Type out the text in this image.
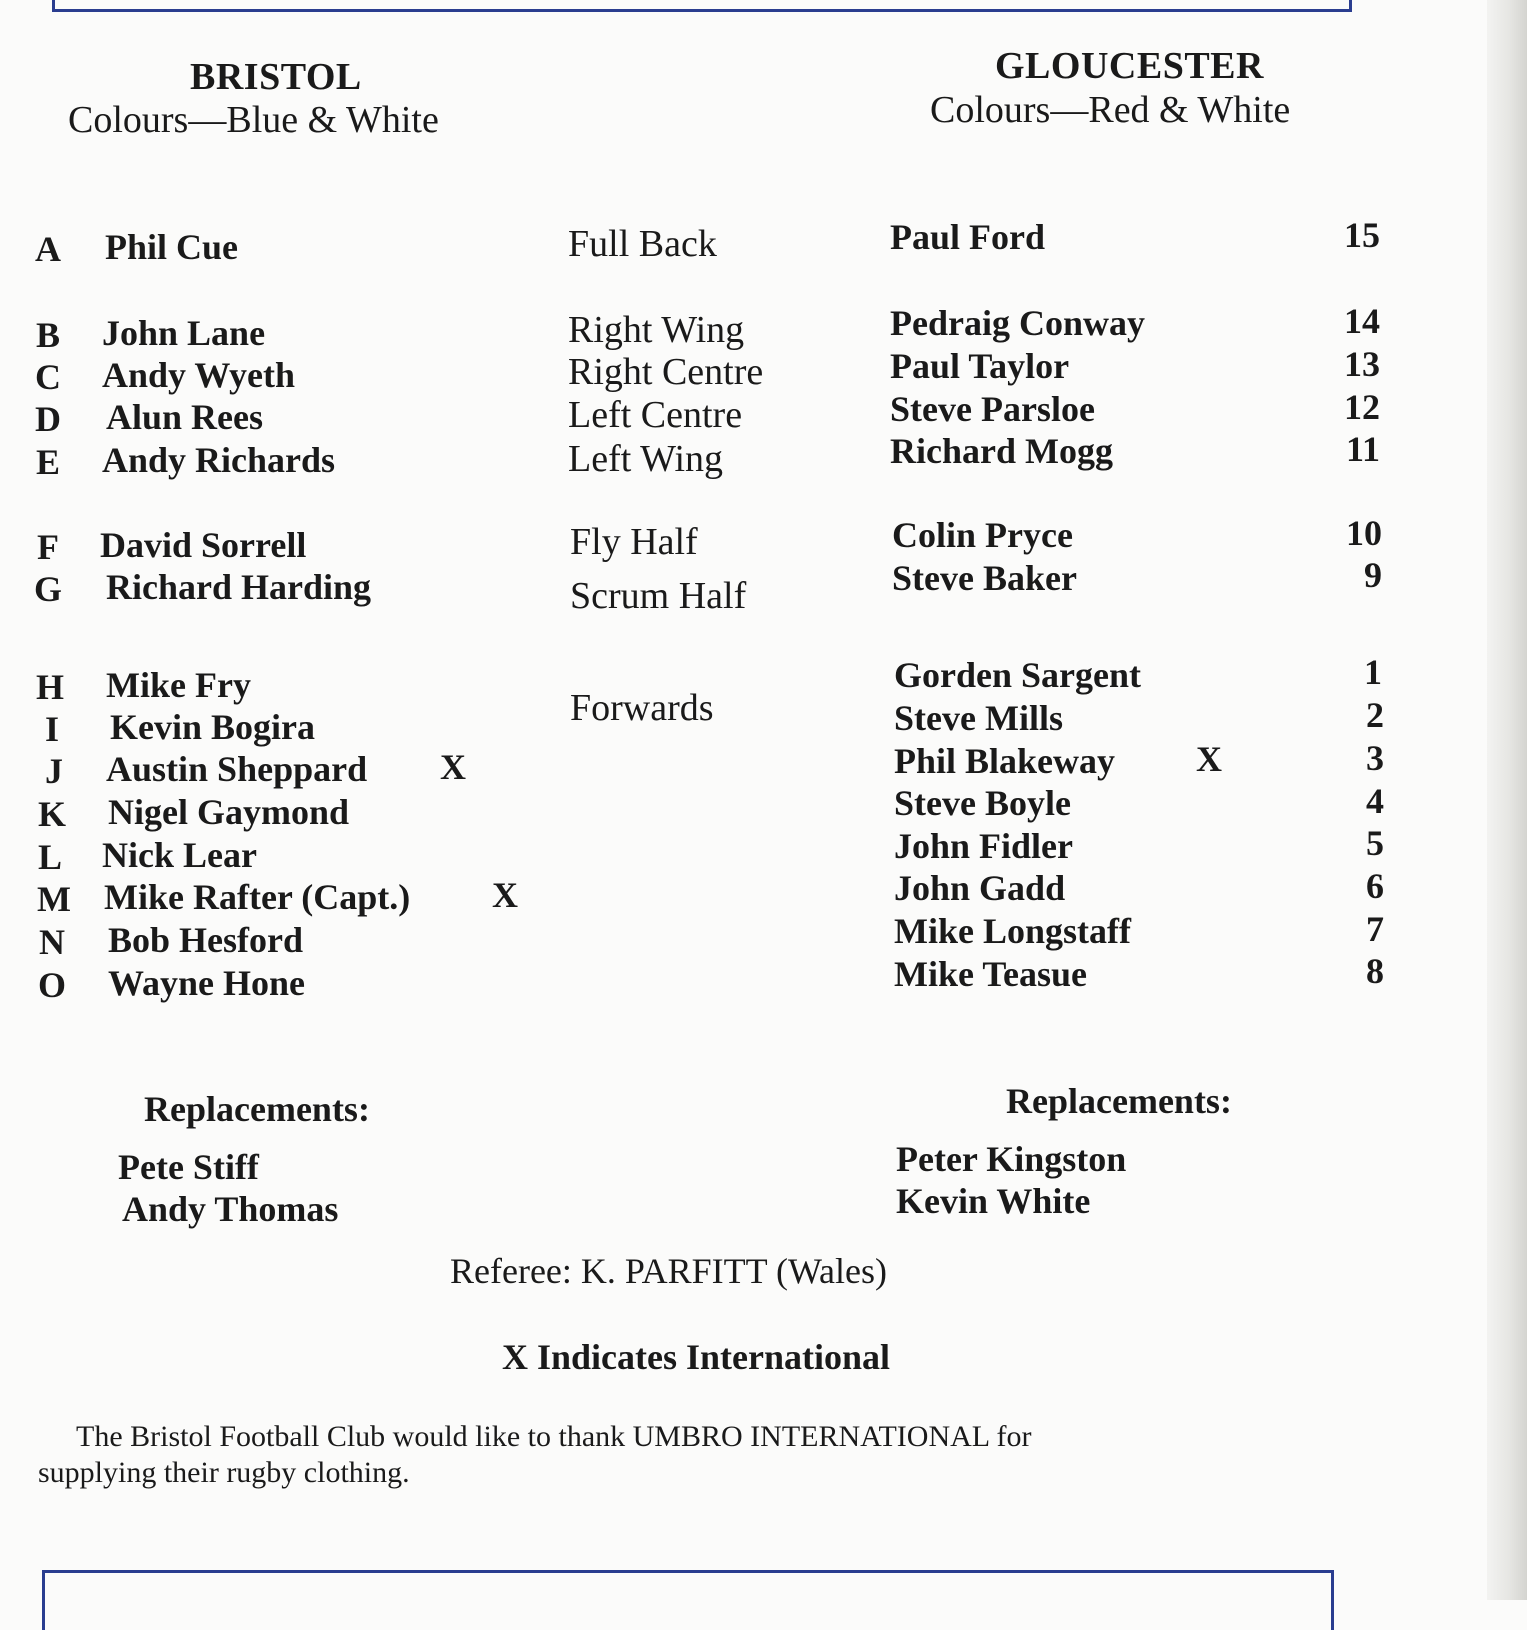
BRISTOL
Colours—Blue & White
GLOUCESTER
Colours—Red & White
A
B
C
D
E
F
G
H
I
J
K
L
M
N
O
Phil Cue
John Lane
Andy Wyeth
Alun Rees
Andy Richards
David Sorrell
Richard Harding
Mike Fry
Kevin Bogira
Austin Sheppard X
Nigel Gaymond
Nick Lear
Mike Rafter (Capt.) X
Bob Hesford
Wayne Hone
Full Back
Right Wing
Right Centre
Left Centre
Left Wing
Fly Half
Scrum Half
Forwards
Paul Ford
Pedraig Conway
Paul Taylor
Steve Parsloe
Richard Mogg
Colin Pryce
Steve Baker
Gorden Sargent
Steve Mills
Phil Blakeway X
Steve Boyle
John Fidler
John Gadd
Mike Longstaff
Mike Teasue
15
14
13
12
11
10
9
1
2
3
4
5
6
7
8
Replacements:
Pete Stiff
Andy Thomas
Replacements:
Peter Kingston
Kevin White
Referee: K. PARFITT (Wales)
X Indicates International
The Bristol Football Club would like to thank UMBRO INTERNATIONAL for
supplying their rugby clothing.
